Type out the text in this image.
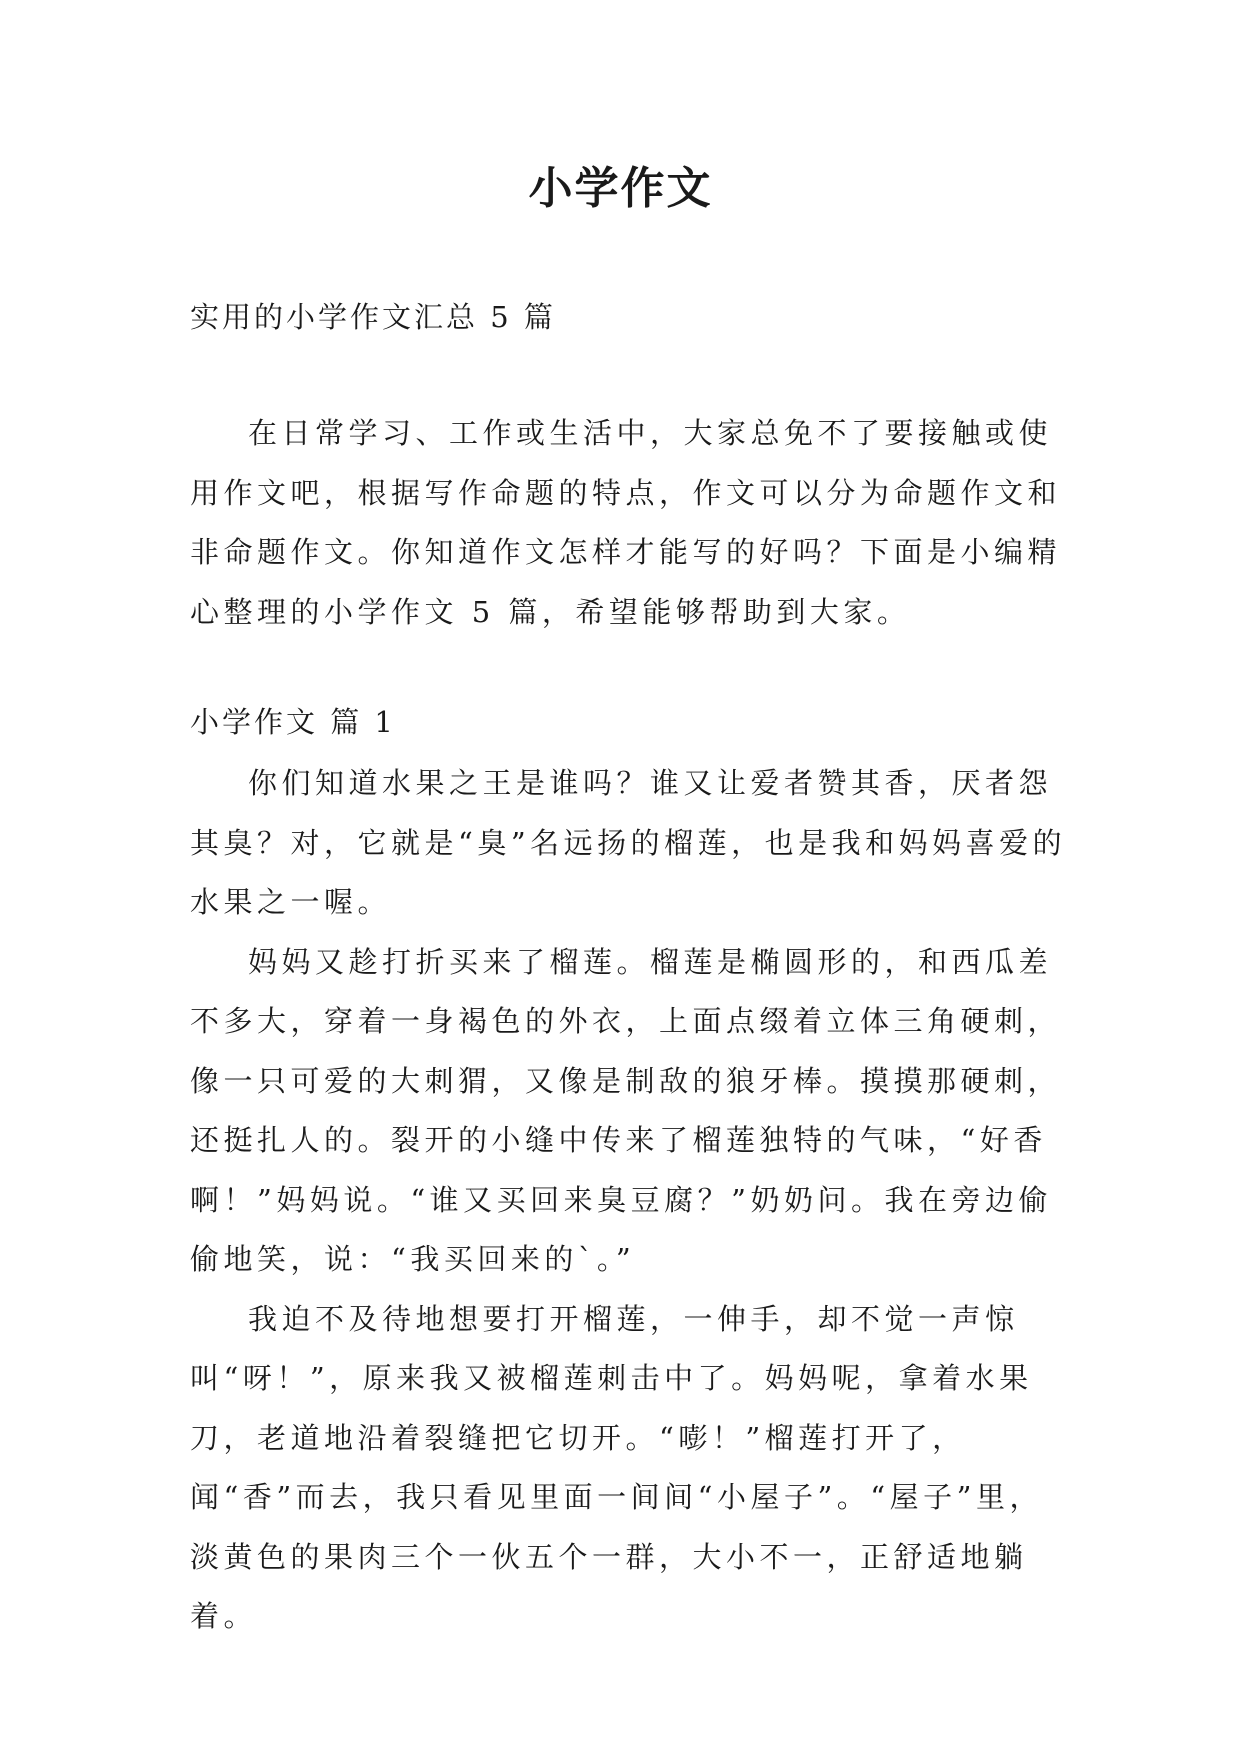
小学作文
实用的小学作文汇总 5 篇

在日常学习、工作或生活中，大家总免不了要接触或使用作文吧，根据写作命题的特点，作文可以分为命题作文和非命题作文。你知道作文怎样才能写的好吗？下面是小编精心整理的小学作文 5 篇，希望能够帮助到大家。

小学作文 篇 1

你们知道水果之王是谁吗？谁又让爱者赞其香，厌者怨其臭？对，它就是“臭”名远扬的榴莲，也是我和妈妈喜爱的水果之一喔。

妈妈又趁打折买来了榴莲。榴莲是椭圆形的，和西瓜差不多大，穿着一身褐色的外衣，上面点缀着立体三角硬刺，像一只可爱的大刺猬，又像是制敌的狼牙棒。摸摸那硬刺，还挺扎人的。裂开的小缝中传来了榴莲独特的气味，“好香啊！”妈妈说。“谁又买回来臭豆腐？”奶奶问。我在旁边偷偷地笑，说：“我买回来的`。”

我迫不及待地想要打开榴莲，一伸手，却不觉一声惊叫“呀！”，原来我又被榴莲刺击中了。妈妈呢，拿着水果刀，老道地沿着裂缝把它切开。“嘭！”榴莲打开了，闻“香”而去，我只看见里面一间间“小屋子”。“屋子”里，淡黄色的果肉三个一伙五个一群，大小不一，正舒适地躺着。
